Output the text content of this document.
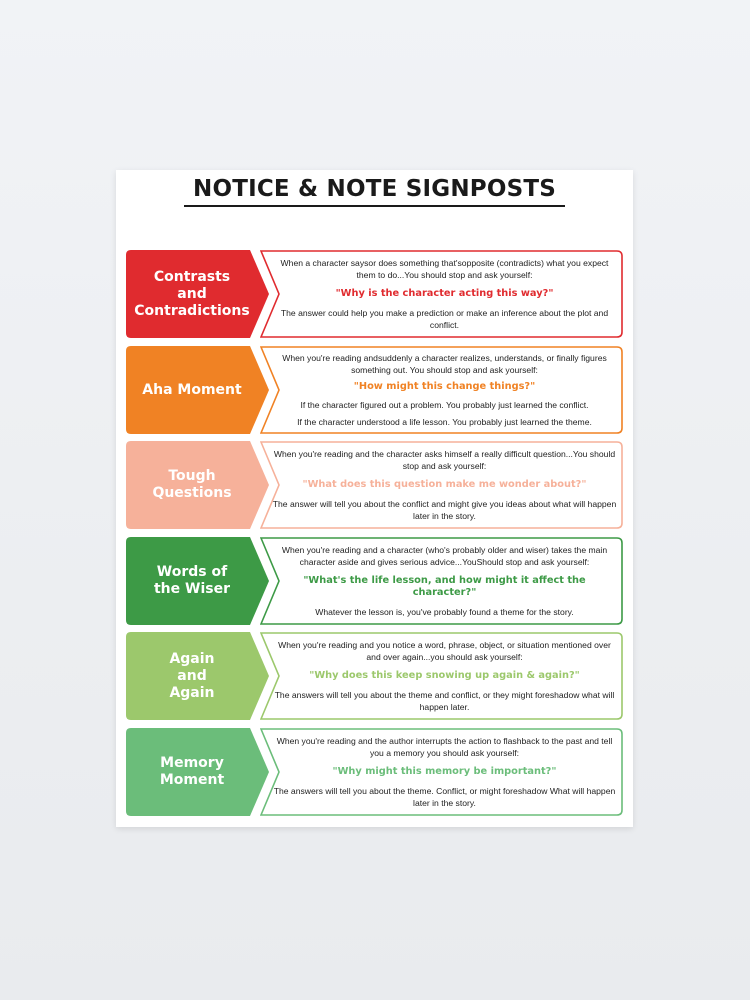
NOTICE & NOTE SIGNPOSTS
Contrasts
and
Contradictions

When a character saysor does something that'sopposite (contradicts) what you expect them to do...You should stop and ask yourself:

"Why is the character acting this way?"

The answer could help you make a prediction or make an inference about the plot and conflict.

Aha Moment

When you're reading andsuddenly a character realizes, understands, or finally figures something out. You should stop and ask yourself:

"How might this change things?"

If the character figured out a problem. You probably just learned the conflict.

If the character understood a life lesson. You probably just learned the theme.

Tough
Questions

When you're reading and the character asks himself a really difficult question...You should stop and ask yourself:

"What does this question make me wonder about?"

The answer will tell you about the conflict and might give you ideas about what will happen later in the story.

Words of
the Wiser

When you're reading and a character (who's probably older and wiser) takes the main character aside and gives serious advice...YouShould stop and ask yourself:

"What's the life lesson, and how might it affect the character?"

Whatever the lesson is, you've probably found a theme for the story.

Again
and
Again

When you're reading and you notice a word, phrase, object, or situation mentioned over and over again...you should ask yourself:

"Why does this keep snowing up again & again?"

The answers will tell you about the theme and conflict, or they might foreshadow what will happen later.

Memory
Moment

When you're reading and the author interrupts the action to flashback to the past and tell you a memory you should ask yourself:

"Why might this memory be important?"

The answers will tell you about the theme. Conflict, or might foreshadow What will happen later in the story.
